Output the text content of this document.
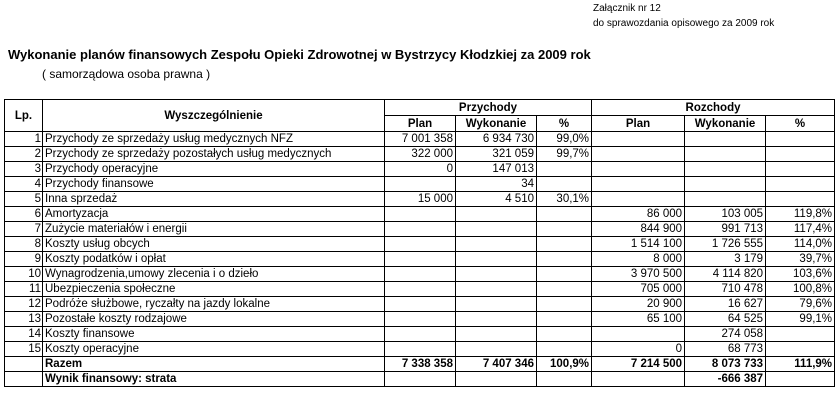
Załącznik nr 12
do sprawozdania opisowego za 2009 rok
Wykonanie planów finansowych Zespołu Opieki Zdrowotnej w Bystrzycy Kłodzkiej za 2009 rok
( samorządowa osoba prawna )
Lp.	Wyszczególnienie	Przychody			Rozchody		
		Plan	Wykonanie	%	Plan	Wykonanie	%
1	Przychody ze sprzedaży usług medycznych NFZ	7 001 358	6 934 730	99,0%			
2	Przychody ze sprzedaży pozostałych usług medycznych	322 000	321 059	99,7%			
3	Przychody operacyjne	0	147 013				
4	Przychody finansowe		34				
5	Inna sprzedaż	15 000	4 510	30,1%			
6	Amortyzacja				86 000	103 005	119,8%
7	Zużycie materiałów i energii				844 900	991 713	117,4%
8	Koszty usług obcych				1 514 100	1 726 555	114,0%
9	Koszty podatków i opłat				8 000	3 179	39,7%
10	Wynagrodzenia,umowy zlecenia i o dzieło				3 970 500	4 114 820	103,6%
11	Ubezpieczenia społeczne				705 000	710 478	100,8%
12	Podróże służbowe, ryczałty na jazdy lokalne				20 900	16 627	79,6%
13	Pozostałe koszty rodzajowe				65 100	64 525	99,1%
14	Koszty finansowe					274 058	
15	Koszty operacyjne				0	68 773	
	Razem	7 338 358	7 407 346	100,9%	7 214 500	8 073 733	111,9%
	Wynik finansowy: strata					-666 387	
